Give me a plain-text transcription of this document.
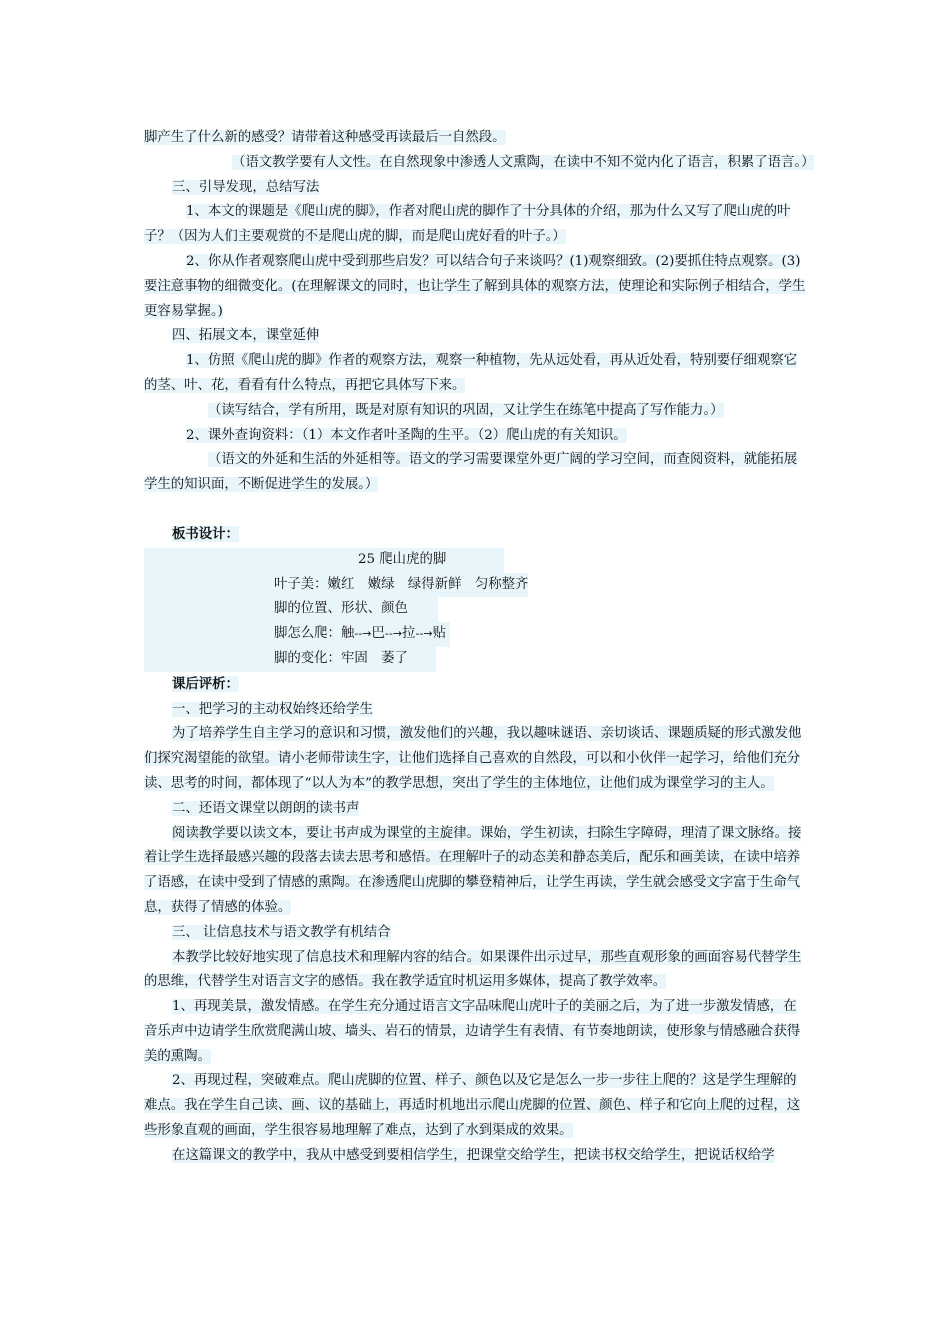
脚产生了什么新的感受？请带着这种感受再读最后一自然段。

（语文教学要有人文性。在自然现象中渗透人文熏陶，在读中不知不觉内化了语言，积累了语言。）

三、引导发现，总结写法

1、本文的课题是《爬山虎的脚》，作者对爬山虎的脚作了十分具体的介绍，那为什么又写了爬山虎的叶子？（因为人们主要观赏的不是爬山虎的脚，而是爬山虎好看的叶子。）

2、你从作者观察爬山虎中受到那些启发？可以结合句子来谈吗？(1)观察细致。(2)要抓住特点观察。(3)要注意事物的细微变化。(在理解课文的同时，也让学生了解到具体的观察方法，使理论和实际例子相结合，学生更容易掌握。)

四、拓展文本，课堂延伸

1、仿照《爬山虎的脚》作者的观察方法，观察一种植物，先从远处看，再从近处看，特别要仔细观察它的茎、叶、花，看看有什么特点，再把它具体写下来。

（读写结合，学有所用，既是对原有知识的巩固，又让学生在练笔中提高了写作能力。）

2、课外查询资料：（1）本文作者叶圣陶的生平。（2）爬山虎的有关知识。

（语文的外延和生活的外延相等。语文的学习需要课堂外更广阔的学习空间，而查阅资料，就能拓展学生的知识面，不断促进学生的发展。）

板书设计：

25 爬山虎的脚

叶子美：嫩红　嫩绿　绿得新鲜　匀称整齐

脚的位置、形状、颜色

脚怎么爬：触--→巴--→拉--→贴

脚的变化：牢固　萎了

课后评析：

一、把学习的主动权始终还给学生

为了培养学生自主学习的意识和习惯，激发他们的兴趣，我以趣味谜语、亲切谈话、课题质疑的形式激发他们探究渴望能的欲望。请小老师带读生字，让他们选择自己喜欢的自然段，可以和小伙伴一起学习，给他们充分读、思考的时间，都体现了“以人为本”的教学思想，突出了学生的主体地位，让他们成为课堂学习的主人。

二、还语文课堂以朗朗的读书声

阅读教学要以读文本，要让书声成为课堂的主旋律。课始，学生初读，扫除生字障碍，理清了课文脉络。接着让学生选择最感兴趣的段落去读去思考和感悟。在理解叶子的动态美和静态美后，配乐和画美读，在读中培养了语感，在读中受到了情感的熏陶。在渗透爬山虎脚的攀登精神后，让学生再读，学生就会感受文字富于生命气息，获得了情感的体验。

三、 让信息技术与语文教学有机结合

本教学比较好地实现了信息技术和理解内容的结合。如果课件出示过早，那些直观形象的画面容易代替学生的思维，代替学生对语言文字的感悟。我在教学适宜时机运用多媒体，提高了教学效率。

1、再现美景，激发情感。在学生充分通过语言文字品味爬山虎叶子的美丽之后，为了进一步激发情感，在音乐声中边请学生欣赏爬满山坡、墙头、岩石的情景，边请学生有表情、有节奏地朗读，使形象与情感融合获得美的熏陶。

2、再现过程，突破难点。爬山虎脚的位置、样子、颜色以及它是怎么一步一步往上爬的？这是学生理解的难点。我在学生自己读、画、议的基础上，再适时机地出示爬山虎脚的位置、颜色、样子和它向上爬的过程，这些形象直观的画面，学生很容易地理解了难点，达到了水到渠成的效果。

在这篇课文的教学中，我从中感受到要相信学生，把课堂交给学生，把读书权交给学生，把说话权给学
